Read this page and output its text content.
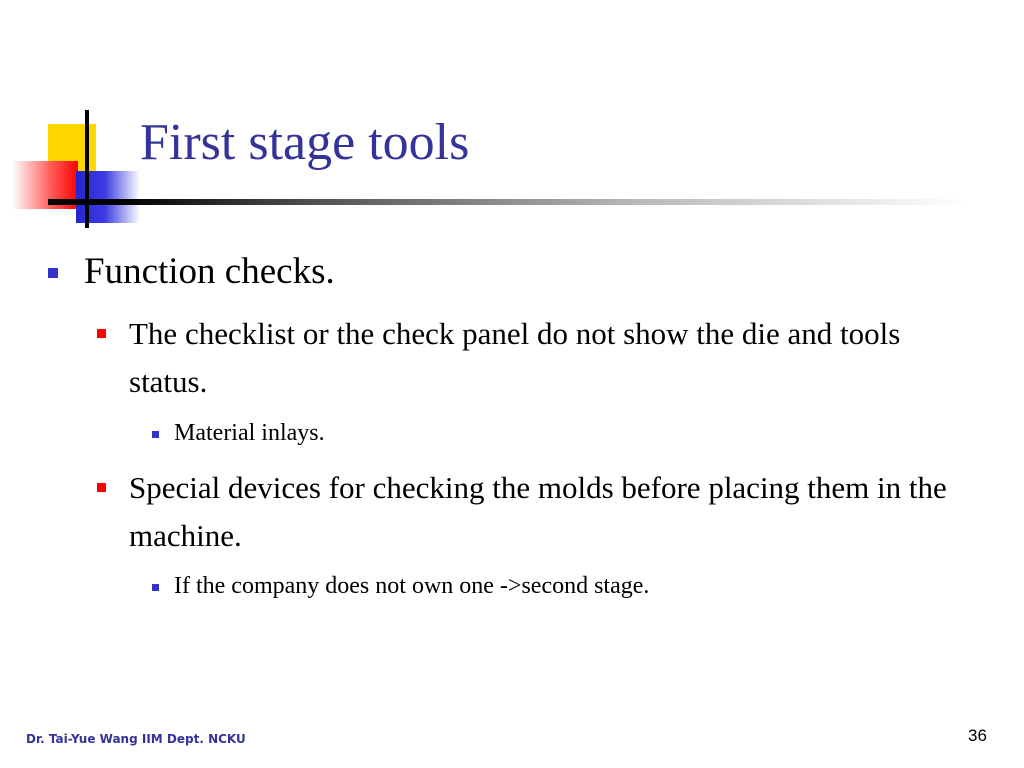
First stage tools
Function checks.
The checklist or the check panel do not show the die and tools status.
Material inlays.
Special devices for checking the molds before placing them in the machine.
If the company does not own one ->second stage.
Dr. Tai-Yue Wang IIM Dept. NCKU	36
